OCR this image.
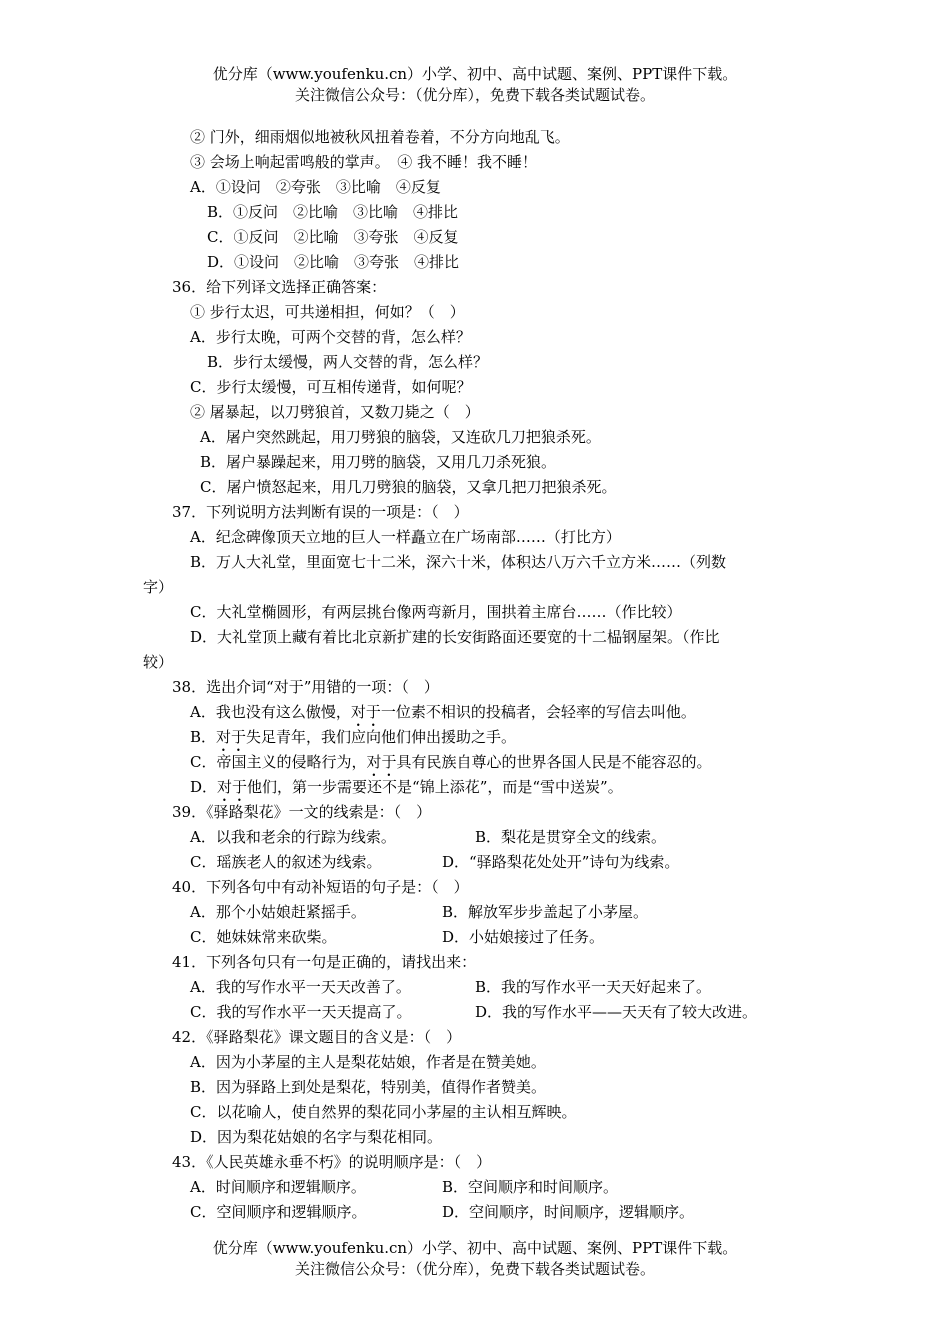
优分库（www.youfenku.cn）小学、初中、高中试题、案例、PPT课件下载。
关注微信公众号：（优分库），免费下载各类试题试卷。
② 门外，细雨烟似地被秋风扭着卷着，不分方向地乱飞。
③ 会场上响起雷鸣般的掌声。　④ 我不睡！我不睡！
A．①设问　②夸张　③比喻　④反复
B．①反问　②比喻　③比喻　④排比
C．①反问　②比喻　③夸张　④反复
D．①设问　②比喻　③夸张　④排比
36．给下列译文选择正确答案：
① 步行太迟，可共递相担，何如？（　）
A．步行太晚，可两个交替的背，怎么样？
B．步行太缓慢，两人交替的背，怎么样？
C．步行太缓慢，可互相传递背，如何呢？
② 屠暴起，以刀劈狼首，又数刀毙之（　）
A．屠户突然跳起，用刀劈狼的脑袋，又连砍几刀把狼杀死。
B．屠户暴躁起来，用刀劈的脑袋，又用几刀杀死狼。
C．屠户愤怒起来，用几刀劈狼的脑袋，又拿几把刀把狼杀死。
37．下列说明方法判断有误的一项是：（　）
A．纪念碑像顶天立地的巨人一样矗立在广场南部……（打比方）
B．万人大礼堂，里面宽七十二米，深六十米，体积达八万六千立方米……（列数
字）
C．大礼堂椭圆形，有两层挑台像两弯新月，围拱着主席台……（作比较）
D．大礼堂顶上藏有着比北京新扩建的长安街路面还要宽的十二榀钢屋架。（作比
较）
38．选出介词“对于”用错的一项：（　）
A．我也没有这么傲慢，对于一位素不相识的投稿者，会轻率的写信去叫他。
B．对于失足青年，我们应向他们伸出援助之手。
C．帝国主义的侵略行为，对于具有民族自尊心的世界各国人民是不能容忍的。
D．对于他们，第一步需要还不是“锦上添花”，而是“雪中送炭”。
39．《驿路梨花》一文的线索是：（　）
A．以我和老余的行踪为线索。	B．梨花是贯穿全文的线索。
C．瑶族老人的叙述为线索。	D．“驿路梨花处处开”诗句为线索。
40．下列各句中有动补短语的句子是：（　）
A．那个小姑娘赶紧摇手。	B．解放军步步盖起了小茅屋。
C．她妹妹常来砍柴。	D．小姑娘接过了任务。
41．下列各句只有一句是正确的，请找出来：
A．我的写作水平一天天改善了。	B．我的写作水平一天天好起来了。
C．我的写作水平一天天提高了。	D．我的写作水平——天天有了较大改进。
42．《驿路梨花》课文题目的含义是：（　）
A．因为小茅屋的主人是梨花姑娘，作者是在赞美她。
B．因为驿路上到处是梨花，特别美，值得作者赞美。
C．以花喻人，使自然界的梨花同小茅屋的主认相互辉映。
D．因为梨花姑娘的名字与梨花相同。
43．《人民英雄永垂不朽》的说明顺序是：（　）
A．时间顺序和逻辑顺序。	B．空间顺序和时间顺序。
C．空间顺序和逻辑顺序。	D．空间顺序，时间顺序，逻辑顺序。
优分库（www.youfenku.cn）小学、初中、高中试题、案例、PPT课件下载。
关注微信公众号：（优分库），免费下载各类试题试卷。
